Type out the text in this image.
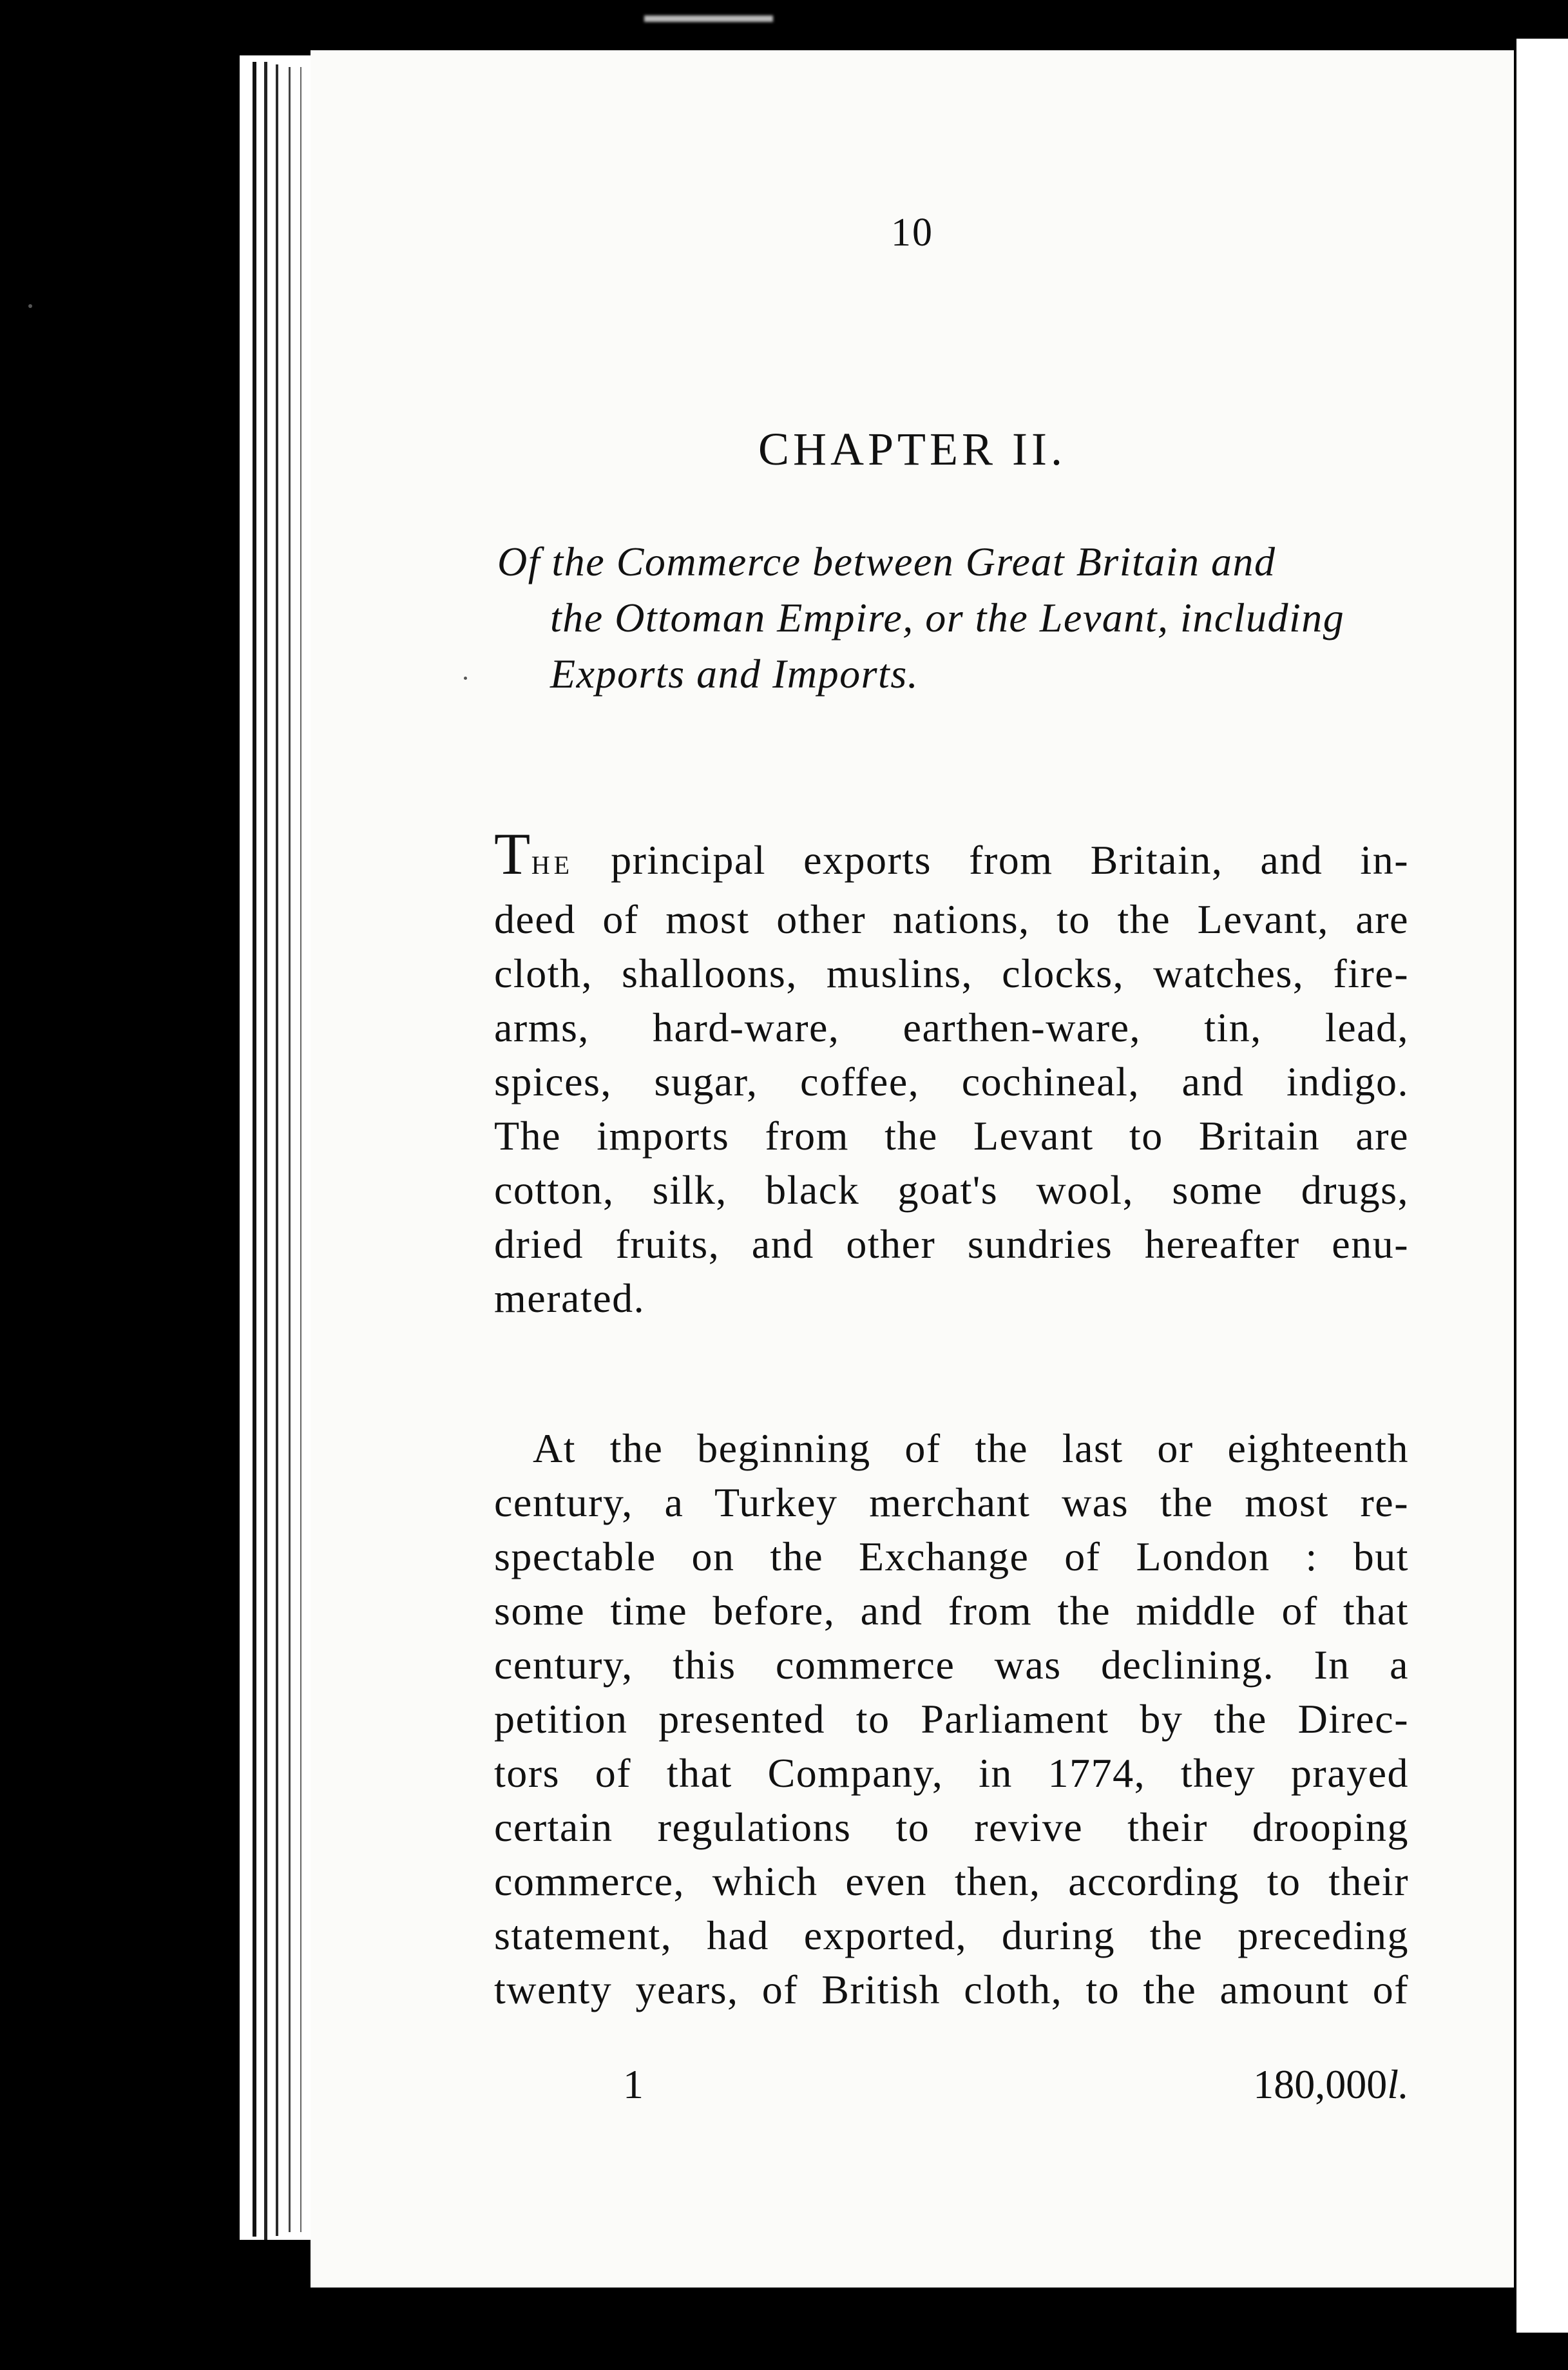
10
CHAPTER II.
Of the Commerce between Great Britain and
the Ottoman Empire, or the Levant, including
Exports and Imports.
THE principal exports from Britain, and in-
deed of most other nations, to the Levant, are
cloth, shalloons, muslins, clocks, watches, fire-
arms, hard-ware, earthen-ware, tin, lead,
spices, sugar, coffee, cochineal, and indigo.
The imports from the Levant to Britain are
cotton, silk, black goat's wool, some drugs,
dried fruits, and other sundries hereafter enu-
merated.
At the beginning of the last or eighteenth
century, a Turkey merchant was the most re-
spectable on the Exchange of London : but
some time before, and from the middle of that
century, this commerce was declining. In a
petition presented to Parliament by the Direc-
tors of that Company, in 1774, they prayed
certain regulations to revive their drooping
commerce, which even then, according to their
statement, had exported, during the preceding
twenty years, of British cloth, to the amount of
1	180,000l.
